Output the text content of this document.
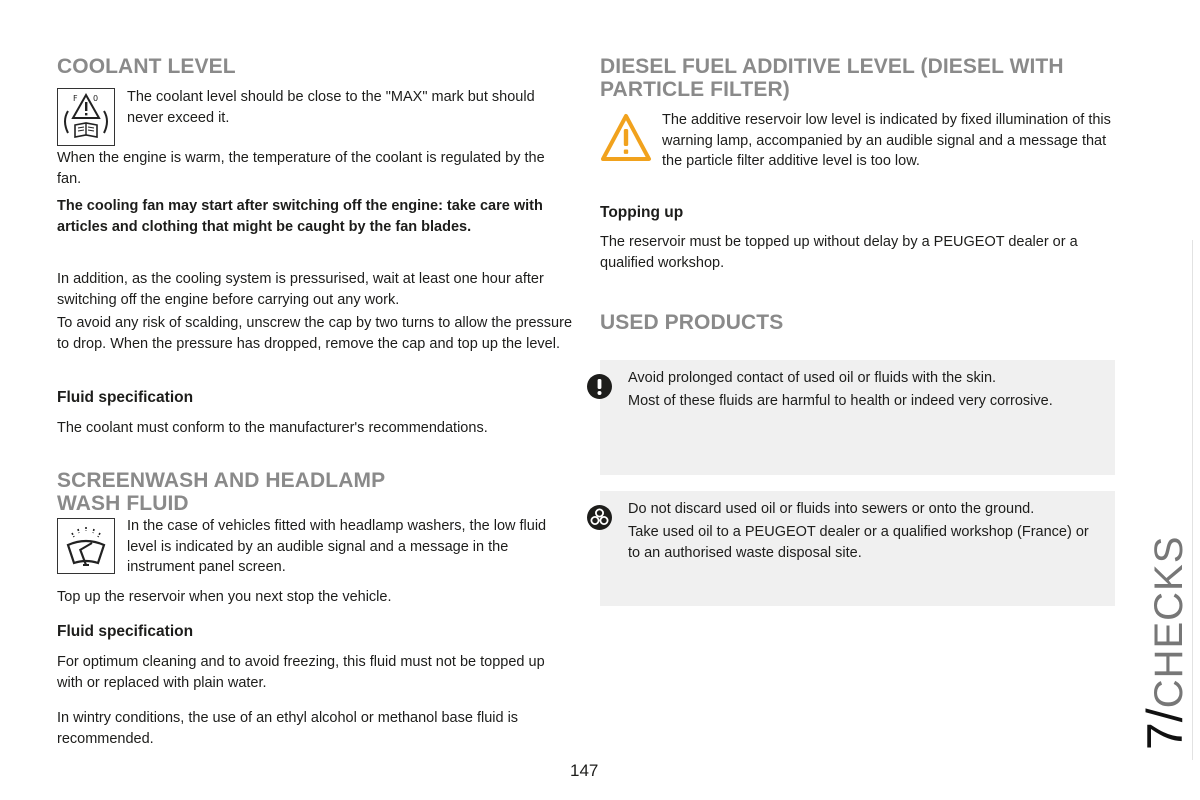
COOLANT LEVEL
F 0 The coolant level should be close to the "MAX" mark but should never exceed it.

When the engine is warm, the temperature of the coolant is regulated by the fan.

The cooling fan may start after switching off the engine: take care with articles and clothing that might be caught by the fan blades.

In addition, as the cooling system is pressurised, wait at least one hour after switching off the engine before carrying out any work.

To avoid any risk of scalding, unscrew the cap by two turns to allow the pressure to drop. When the pressure has dropped, remove the cap and top up the level.

Fluid specification

The coolant must conform to the manufacturer's recommendations.

SCREENWASH AND HEADLAMP
WASH FLUID

In the case of vehicles fitted with headlamp washers, the low fluid level is indicated by an audible signal and a message in the instrument panel screen.

Top up the reservoir when you next stop the vehicle.

Fluid specification

For optimum cleaning and to avoid freezing, this fluid must not be topped up with or replaced with plain water.

In wintry conditions, the use of an ethyl alcohol or methanol base fluid is recommended.

DIESEL FUEL ADDITIVE LEVEL (DIESEL WITH
PARTICLE FILTER)

The additive reservoir low level is indicated by fixed illumination of this warning lamp, accompanied by an audible signal and a message that the particle filter additive level is too low.

Topping up

The reservoir must be topped up without delay by a PEUGEOT dealer or a qualified workshop.

USED PRODUCTS

Avoid prolonged contact of used oil or fluids with the skin.

Most of these fluids are harmful to health or indeed very corrosive.

Do not discard used oil or fluids into sewers or onto the ground.

Take used oil to a PEUGEOT dealer or a qualified workshop (France) or to an authorised waste disposal site.

147
7/CHECKS
